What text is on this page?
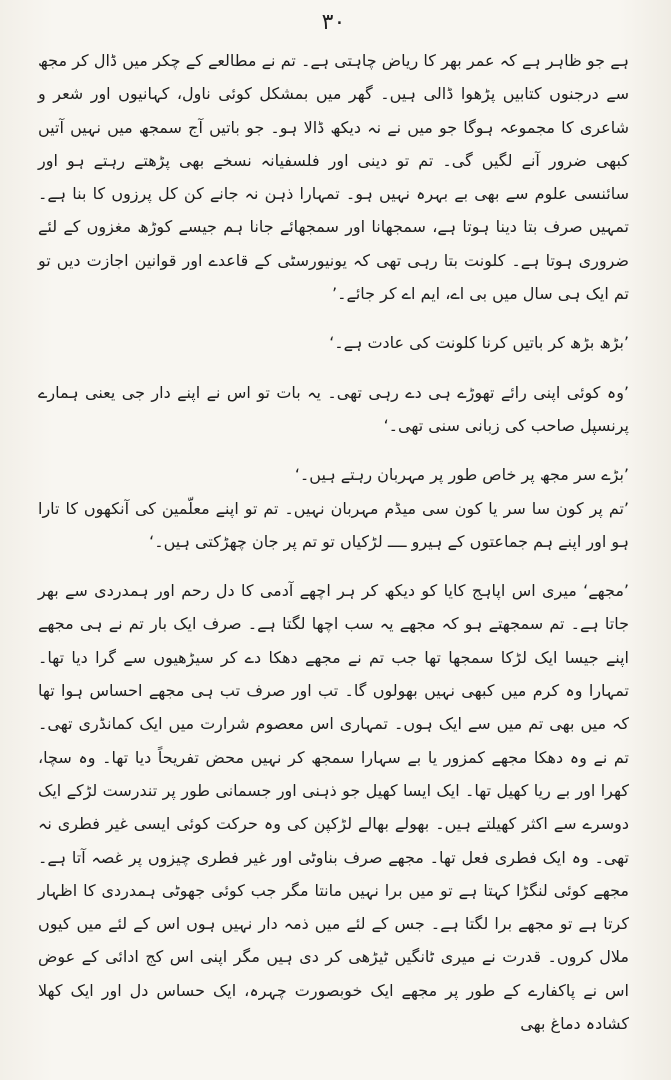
۳۰

ہے جو ظاہر ہے کہ عمر بھر کا ریاض چاہتی ہے۔ تم نے مطالعے کے چکر میں ڈال کر مجھ سے درجنوں کتابیں پڑھوا ڈالی ہیں۔ گھر میں بمشکل کوئی ناول، کہانیوں اور شعر و شاعری کا مجموعہ ہوگا جو میں نے نہ دیکھ ڈالا ہو۔ جو باتیں آج سمجھ میں نہیں آتیں کبھی ضرور آنے لگیں گی۔ تم تو دینی اور فلسفیانہ نسخے بھی پڑھتے رہتے ہو اور سائنسی علوم سے بھی بے بہرہ نہیں ہو۔ تمہارا ذہن نہ جانے کن کل پرزوں کا بنا ہے۔ تمہیں صرف بتا دینا ہوتا ہے، سمجھانا اور سمجھائے جانا ہم جیسے کوڑھ مغزوں کے لئے ضروری ہوتا ہے۔ کلونت بتا رہی تھی کہ یونیورسٹی کے قاعدے اور قوانین اجازت دیں تو تم ایک ہی سال میں بی اے، ایم اے کر جائے۔’

’بڑھ بڑھ کر باتیں کرنا کلونت کی عادت ہے۔‘

’وہ کوئی اپنی رائے تھوڑے ہی دے رہی تھی۔ یہ بات تو اس نے اپنے دار جی یعنی ہمارے پرنسپل صاحب کی زبانی سنی تھی۔‘

’بڑے سر مجھ پر خاص طور پر مہربان رہتے ہیں۔‘

’تم پر کون سا سر یا کون سی میڈم مہربان نہیں۔ تم تو اپنے معلّمین کی آنکھوں کا تارا ہو اور اپنے ہم جماعتوں کے ہیرو ــــ لڑکیاں تو تم پر جان چھڑکتی ہیں۔‘

’مجھے‘ میری اس اپاہج کایا کو دیکھ کر ہر اچھے آدمی کا دل رحم اور ہمدردی سے بھر جاتا ہے۔ تم سمجھتے ہو کہ مجھے یہ سب اچھا لگتا ہے۔ صرف ایک بار تم نے ہی مجھے اپنے جیسا ایک لڑکا سمجھا تھا جب تم نے مجھے دھکا دے کر سیڑھیوں سے گرا دیا تھا۔ تمہارا وہ کرم میں کبھی نہیں بھولوں گا۔ تب اور صرف تب ہی مجھے احساس ہوا تھا کہ میں بھی تم میں سے ایک ہوں۔ تمہاری اس معصوم شرارت میں ایک کمانڈری تھی۔ تم نے وہ دھکا مجھے کمزور یا بے سہارا سمجھ کر نہیں محض تفریحاً دیا تھا۔ وہ سچا، کھرا اور بے ریا کھیل تھا۔ ایک ایسا کھیل جو ذہنی اور جسمانی طور پر تندرست لڑکے ایک دوسرے سے اکثر کھیلتے ہیں۔ بھولے بھالے لڑکپن کی وہ حرکت کوئی ایسی غیر فطری نہ تھی۔ وہ ایک فطری فعل تھا۔ مجھے صرف بناوٹی اور غیر فطری چیزوں پر غصہ آتا ہے۔ مجھے کوئی لنگڑا کہتا ہے تو میں برا نہیں مانتا مگر جب کوئی جھوٹی ہمدردی کا اظہار کرتا ہے تو مجھے برا لگتا ہے۔ جس کے لئے میں ذمہ دار نہیں ہوں اس کے لئے میں کیوں ملال کروں۔ قدرت نے میری ٹانگیں ٹیڑھی کر دی ہیں مگر اپنی اس کج ادائی کے عوض اس نے پاکفارے کے طور پر مجھے ایک خوبصورت چہرہ، ایک حساس دل اور ایک کھلا کشادہ دماغ بھی
